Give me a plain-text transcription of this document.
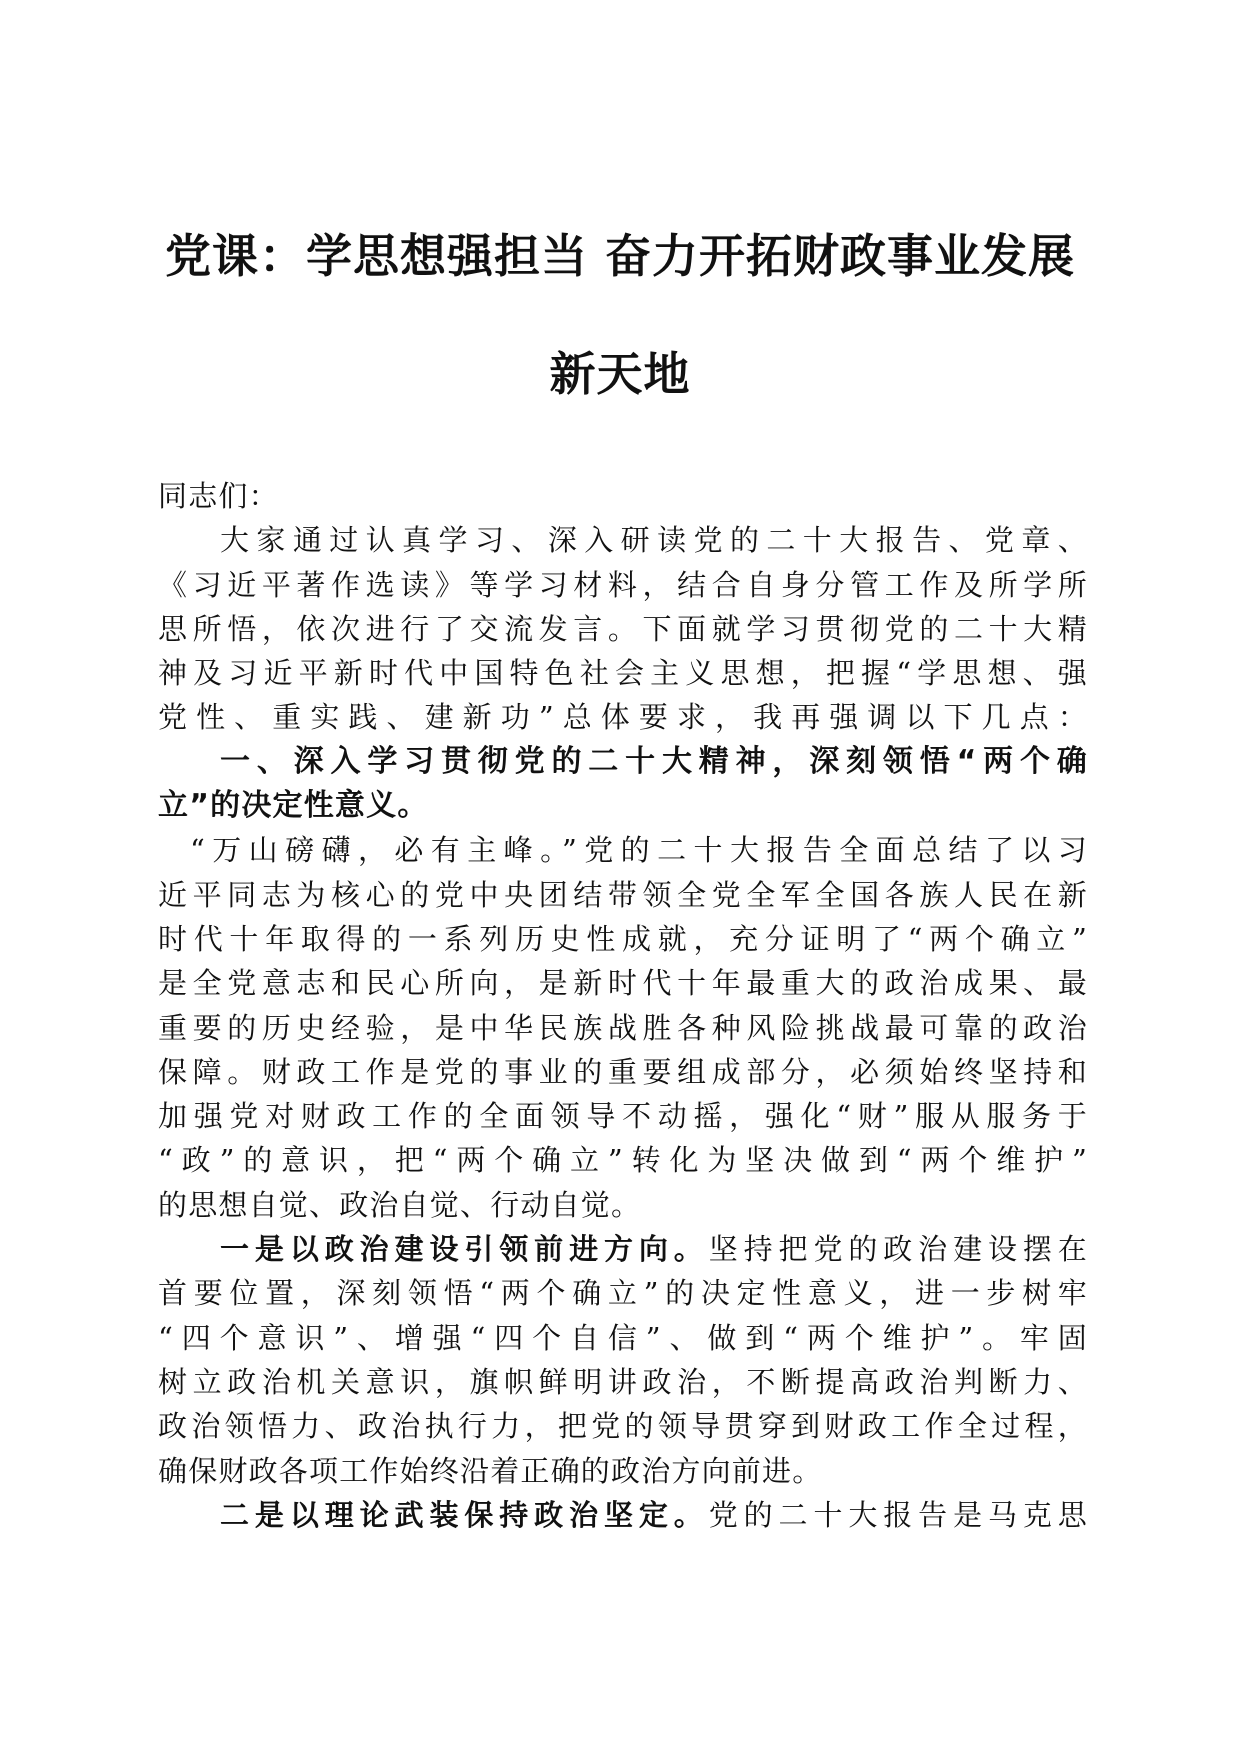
党课：学思想强担当 奋力开拓财政事业发展
新天地
同志们：
大家通过认真学习、深入研读党的二十大报告、党章、
《习近平著作选读》等学习材料，结合自身分管工作及所学所
思所悟，依次进行了交流发言。下面就学习贯彻党的二十大精
神及习近平新时代中国特色社会主义思想，把握“学思想、强
党性、重实践、建新功”总体要求，我再强调以下几点：
一、深入学习贯彻党的二十大精神，深刻领悟“两个确
立”的决定性意义。
“万山磅礴，必有主峰。”党的二十大报告全面总结了以习
近平同志为核心的党中央团结带领全党全军全国各族人民在新
时代十年取得的一系列历史性成就，充分证明了“两个确立”
是全党意志和民心所向，是新时代十年最重大的政治成果、最
重要的历史经验，是中华民族战胜各种风险挑战最可靠的政治
保障。财政工作是党的事业的重要组成部分，必须始终坚持和
加强党对财政工作的全面领导不动摇，强化“财”服从服务于
“政”的意识，把“两个确立”转化为坚决做到“两个维护”
的思想自觉、政治自觉、行动自觉。
一是以政治建设引领前进方向。坚持把党的政治建设摆在
首要位置，深刻领悟“两个确立”的决定性意义，进一步树牢
“四个意识”、增强“四个自信”、做到“两个维护”。牢固
树立政治机关意识，旗帜鲜明讲政治，不断提高政治判断力、
政治领悟力、政治执行力，把党的领导贯穿到财政工作全过程，
确保财政各项工作始终沿着正确的政治方向前进。
二是以理论武装保持政治坚定。党的二十大报告是马克思
